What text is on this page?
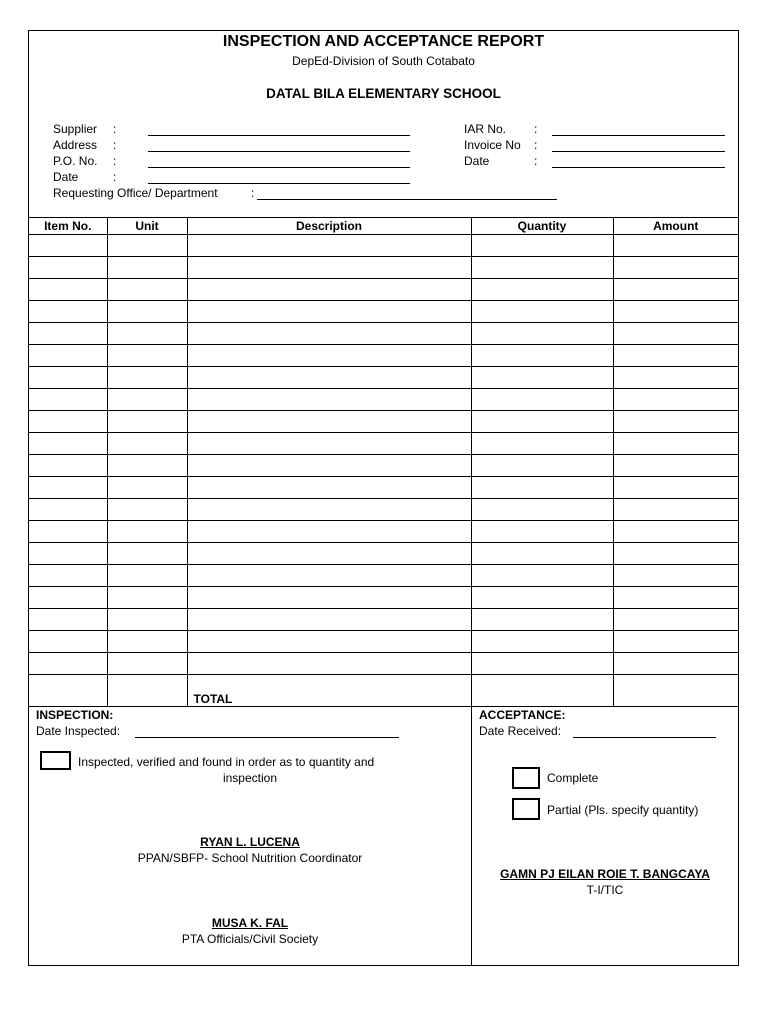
INSPECTION AND ACCEPTANCE REPORT
DepEd-Division of South Cotabato
DATAL BILA ELEMENTARY SCHOOL
Supplier :
Address :
P.O. No. :
Date	:
Requesting Office/ Department	:
IAR No. :
Invoice No :
Date	:
Item No.	Unit	Description	Quantity	Amount

		TOTAL		
INSPECTION:
Date Inspected:
Inspected, verified and found in order as to quantity and
inspection
RYAN L. LUCENA
PPAN/SBFP- School Nutrition Coordinator
MUSA K. FAL
PTA Officials/Civil Society
ACCEPTANCE:
Date Received:
Complete
Partial (Pls. specify quantity)
GAMN PJ EILAN ROIE T. BANGCAYA
T-I/TIC
